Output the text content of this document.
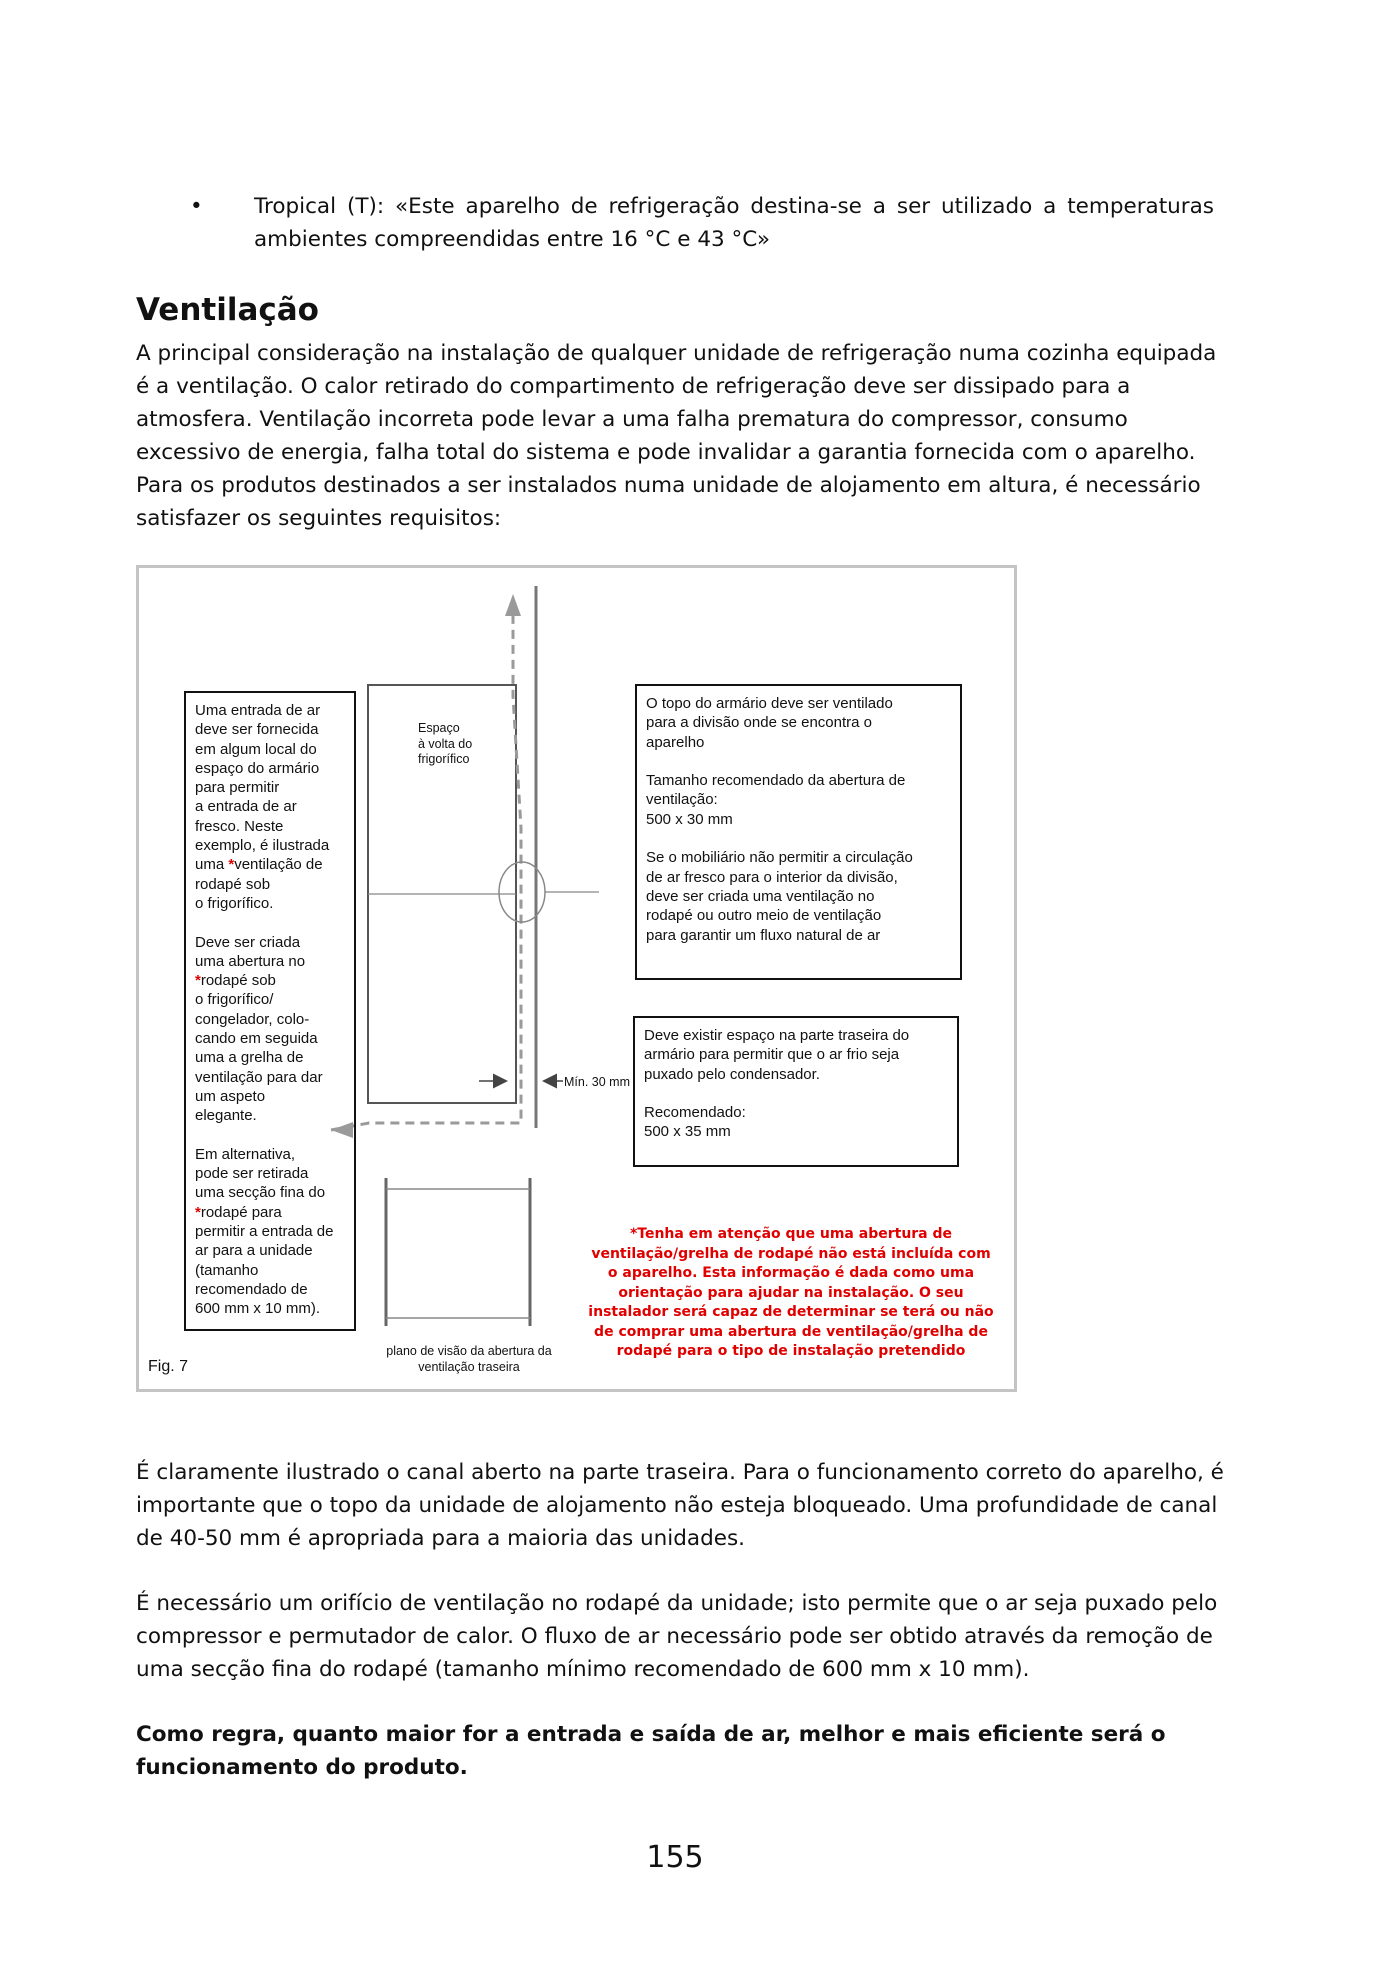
• Tropical (T): «Este aparelho de refrigeração destina-se a ser utilizado a temperaturas ambientes compreendidas entre 16 °C e 43 °C»
Ventilação
A principal consideração na instalação de qualquer unidade de refrigeração numa cozinha equipada é a ventilação. O calor retirado do compartimento de refrigeração deve ser dissipado para a atmosfera. Ventilação incorreta pode levar a uma falha prematura do compressor, consumo excessivo de energia, falha total do sistema e pode invalidar a garantia fornecida com o aparelho. Para os produtos destinados a ser instalados numa unidade de alojamento em altura, é necessário satisfazer os seguintes requisitos:
Uma entrada de ar
deve ser fornecida
em algum local do
espaço do armário
para permitir
a entrada de ar
fresco. Neste
exemplo, é ilustrada
uma *ventilação de
rodapé sob
o frigorífico.

Deve ser criada
uma abertura no
*rodapé sob
o frigorífico/
congelador, colo-
cando em seguida
uma a grelha de
ventilação para dar
um aspeto
elegante.

Em alternativa,
pode ser retirada
uma secção fina do
*rodapé para
permitir a entrada de
ar para a unidade
(tamanho
recomendado de
600 mm x 10 mm).
Espaço
à volta do
frigorífico
Mín. 30 mm
O topo do armário deve ser ventilado
para a divisão onde se encontra o
aparelho

Tamanho recomendado da abertura de
ventilação:
500 x 30 mm

Se o mobiliário não permitir a circulação
de ar fresco para o interior da divisão,
deve ser criada uma ventilação no
rodapé ou outro meio de ventilação
para garantir um fluxo natural de ar
Deve existir espaço na parte traseira do
armário para permitir que o ar frio seja
puxado pelo condensador.

Recomendado:
500 x 35 mm
*Tenha em atenção que uma abertura de ventilação/grelha de rodapé não está incluída com o aparelho. Esta informação é dada como uma orientação para ajudar na instalação. O seu instalador será capaz de determinar se terá ou não de comprar uma abertura de ventilação/grelha de rodapé para o tipo de instalação pretendido
Fig. 7
plano de visão da abertura da ventilação traseira
É claramente ilustrado o canal aberto na parte traseira. Para o funcionamento correto do aparelho, é importante que o topo da unidade de alojamento não esteja bloqueado. Uma profundidade de canal de 40-50 mm é apropriada para a maioria das unidades.
É necessário um orifício de ventilação no rodapé da unidade; isto permite que o ar seja puxado pelo compressor e permutador de calor. O fluxo de ar necessário pode ser obtido através da remoção de uma secção fina do rodapé (tamanho mínimo recomendado de 600 mm x 10 mm).
Como regra, quanto maior for a entrada e saída de ar, melhor e mais eficiente será o funcionamento do produto.
155
